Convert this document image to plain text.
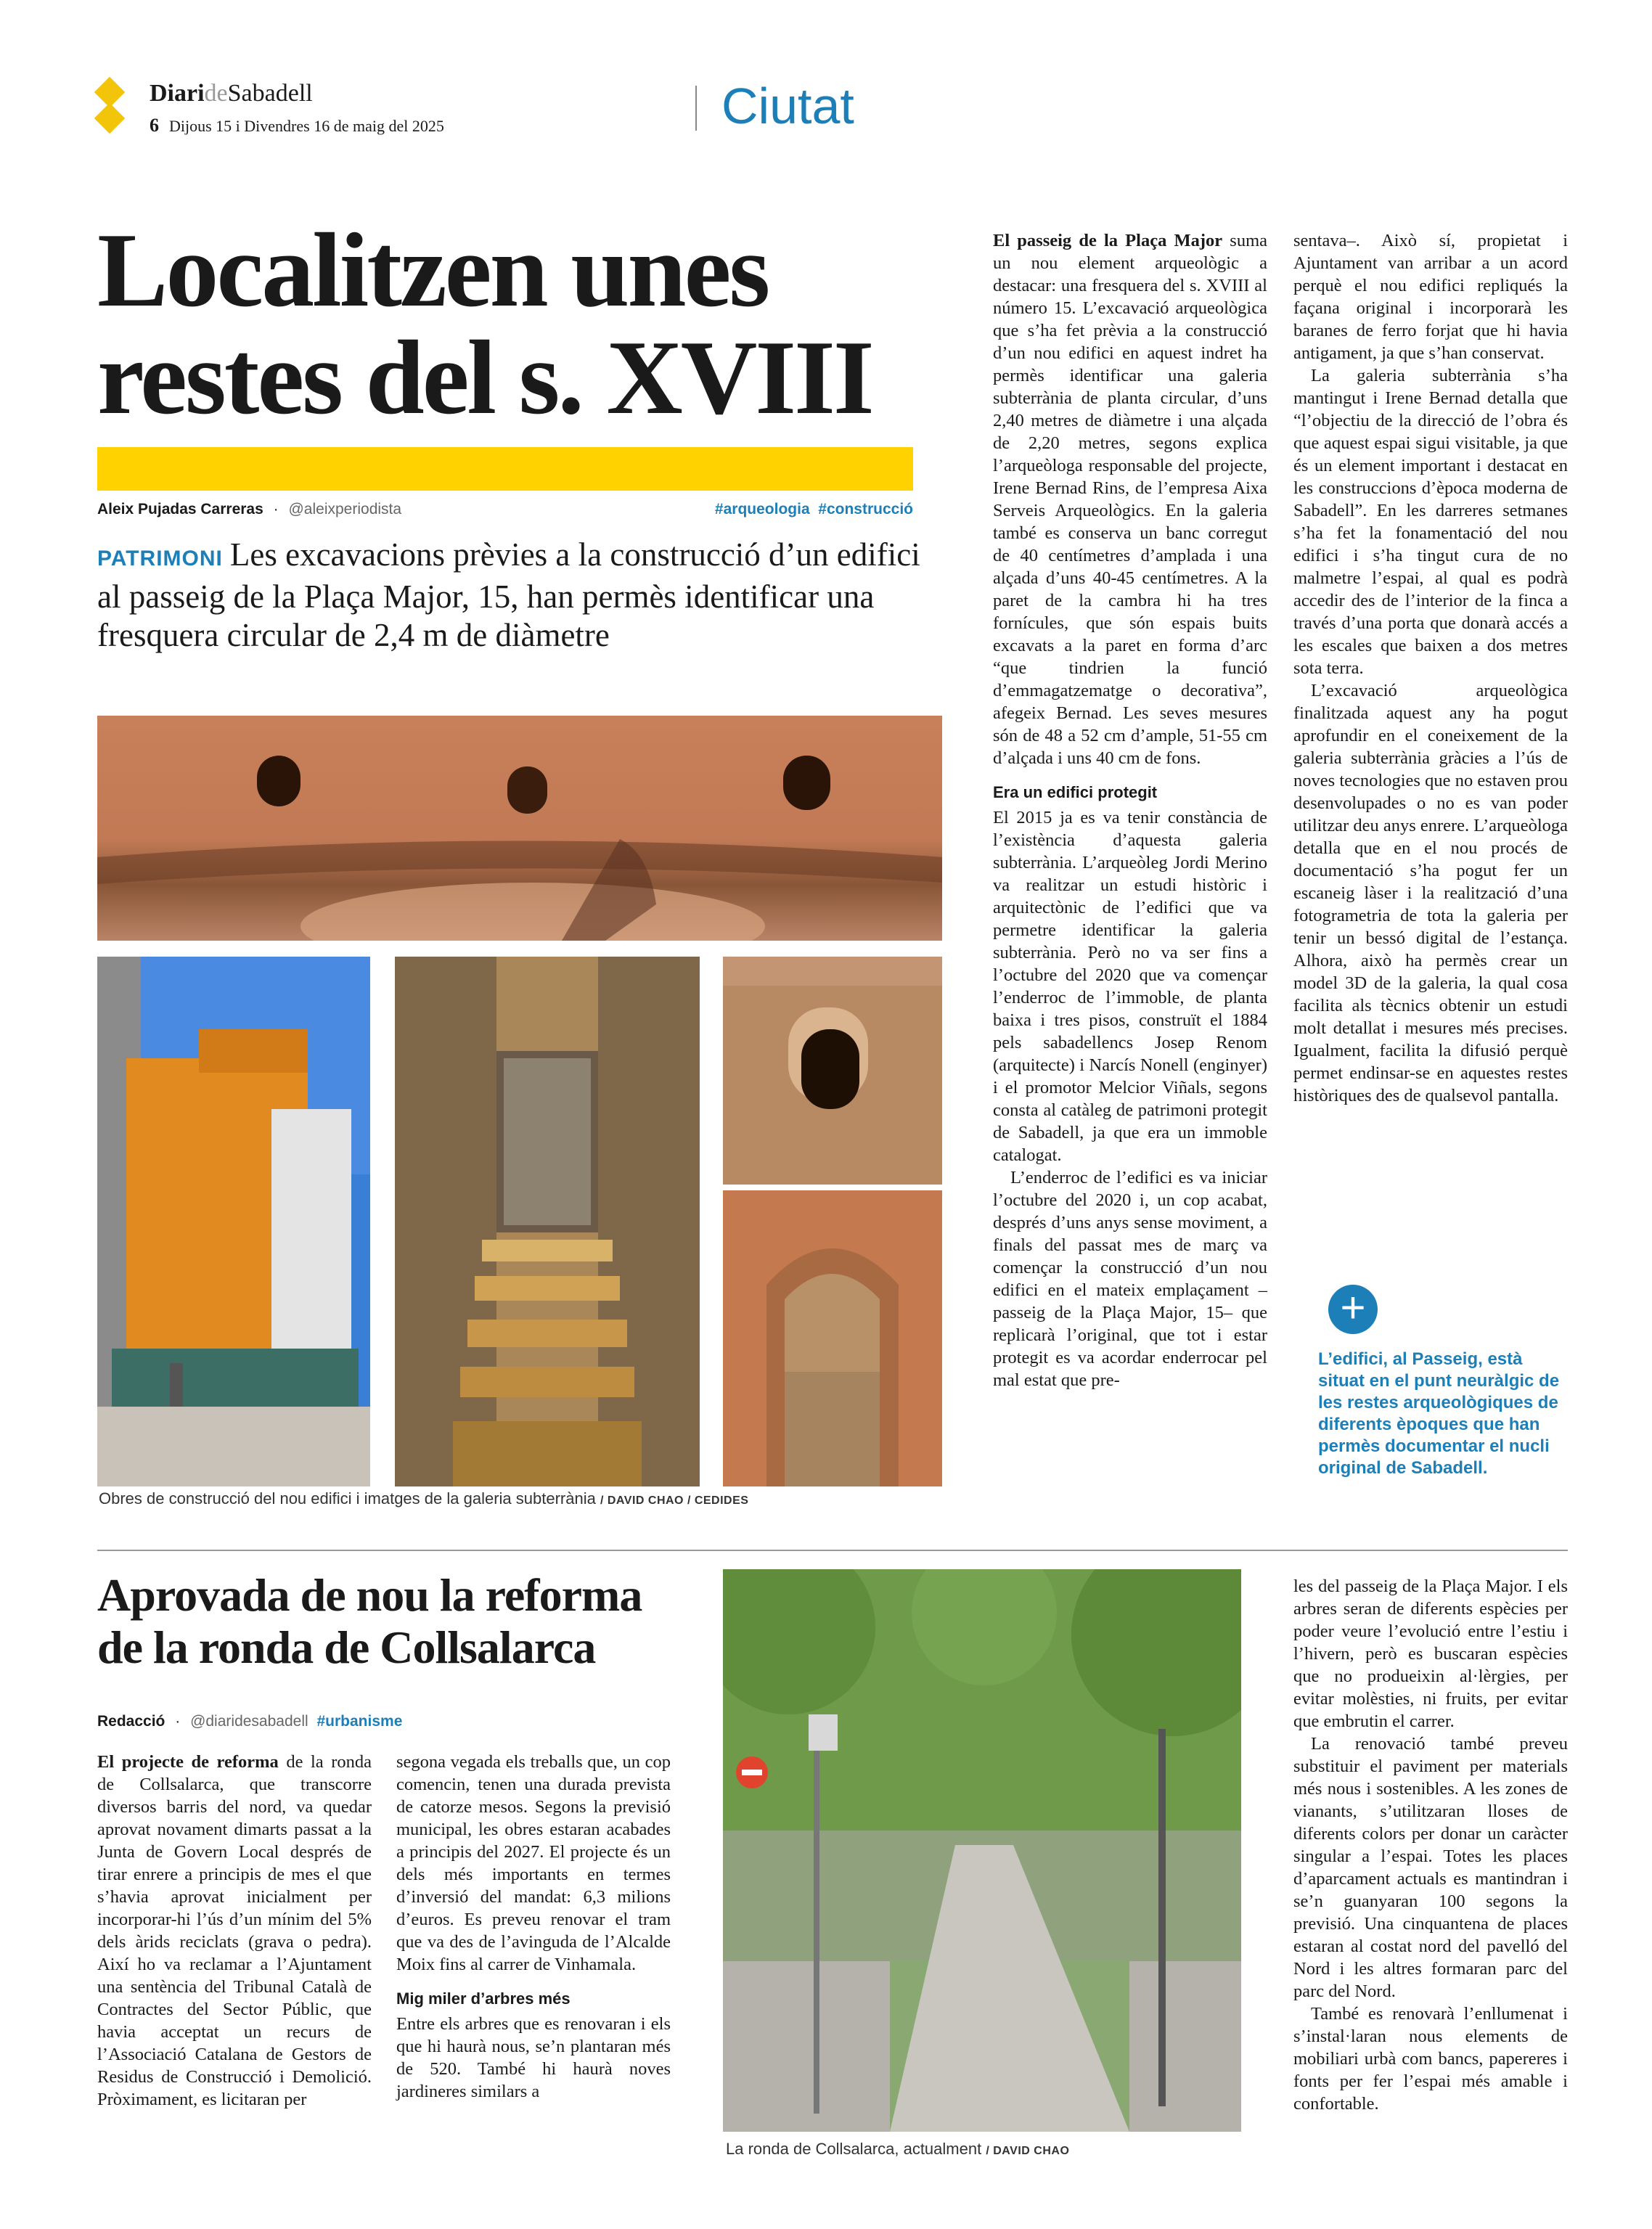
DiarideSabadell
6 Dijous 15 i Divendres 16 de maig del 2025	Ciutat
Localitzen unes
restes del s. XVIII
Aleix Pujadas Carreras · @aleixperiodista	#arqueologia  #construcció
PATRIMONI Les excavacions prèvies a la construcció d’un edifici al passeig de la Plaça Major, 15, han permès identificar una fresquera circular de 2,4 m de diàmetre
Obres de construcció del nou edifici i imatges de la galeria subterrània / DAVID CHAO / CEDIDES

El passeig de la Plaça Major suma un nou element arqueològic a destacar: una fresquera del s. XVIII al número 15. L’excavació arqueològica que s’ha fet prèvia a la construcció d’un nou edifici en aquest indret ha permès identificar una galeria subterrània de planta circular, d’uns 2,40 metres de diàmetre i una alçada de 2,20 metres, segons explica l’arqueòloga responsable del projecte, Irene Bernad Rins, de l’empresa Aixa Serveis Arqueològics. En la galeria també es conserva un banc corregut de 40 centímetres d’amplada i una alçada d’uns 40-45 centímetres. A la paret de la cambra hi ha tres fornícules, que són espais buits excavats a la paret en forma d’arc “que tindrien la funció d’emmagatzematge o decorativa”, afegeix Bernad. Les seves mesures són de 48 a 52 cm d’ample, 51-55 cm d’alçada i uns 40 cm de fons.

Era un edifici protegit

El 2015 ja es va tenir constància de l’existència d’aquesta galeria subterrània. L’arqueòleg Jordi Merino va realitzar un estudi històric i arquitectònic de l’edifici que va permetre identificar la galeria subterrània. Però no va ser fins a l’octubre del 2020 que va començar l’enderroc de l’immoble, de planta baixa i tres pisos, construït el 1884 pels sabadellencs Josep Renom (arquitecte) i Narcís Nonell (enginyer) i el promotor Melcior Viñals, segons consta al catàleg de patrimoni protegit de Sabadell, ja que era un immoble catalogat.

L’enderroc de l’edifici es va iniciar l’octubre del 2020 i, un cop acabat, després d’uns anys sense moviment, a finals del passat mes de març va començar la construcció d’un nou edifici en el mateix emplaçament –passeig de la Plaça Major, 15– que replicarà l’original, que tot i estar protegit es va acordar enderrocar pel mal estat que pre-

sentava–. Això sí, propietat i Ajuntament van arribar a un acord perquè el nou edifici repliqués la façana original i incorporarà les baranes de ferro forjat que hi havia antigament, ja que s’han conservat.

La galeria subterrània s’ha mantingut i Irene Bernad detalla que “l’objectiu de la direcció de l’obra és que aquest espai sigui visitable, ja que és un element important i destacat en les construccions d’època moderna de Sabadell”. En les darreres setmanes s’ha fet la fonamentació del nou edifici i s’ha tingut cura de no malmetre l’espai, al qual es podrà accedir des de l’interior de la finca a través d’una porta que donarà accés a les escales que baixen a dos metres sota terra.

L’excavació arqueològica finalitzada aquest any ha pogut aprofundir en el coneixement de la galeria subterrània gràcies a l’ús de noves tecnologies que no estaven prou desenvolupades o no es van poder utilitzar deu anys enrere. L’arqueòloga detalla que en el nou procés de documentació s’ha pogut fer un escaneig làser i la realització d’una fotogrametria de tota la galeria per tenir un bessó digital de l’estança. Alhora, això ha permès crear un model 3D de la galeria, la qual cosa facilita als tècnics obtenir un estudi molt detallat i mesures més precises. Igualment, facilita la difusió perquè permet endinsar-se en aquestes restes històriques des de qualsevol pantalla.

+
L’edifici, al Passeig, està situat en el punt neuràlgic de les restes arqueològiques de diferents èpoques que han permès documentar el nucli original de Sabadell.
Aprovada de nou la reforma
de la ronda de Collsalarca
Redacció · @diaridesabadell #urbanisme

El projecte de reforma de la ronda de Collsalarca, que transcorre diversos barris del nord, va quedar aprovat novament dimarts passat a la Junta de Govern Local després de tirar enrere a principis de mes el que s’havia aprovat inicialment per incorporar-hi l’ús d’un mínim del 5% dels àrids reciclats (grava o pedra). Així ho va reclamar a l’Ajuntament una sentència del Tribunal Català de Contractes del Sector Públic, que havia acceptat un recurs de l’Associació Catalana de Gestors de Residus de Construcció i Demolició. Pròximament, es licitaran per

segona vegada els treballs que, un cop comencin, tenen una durada prevista de catorze mesos. Segons la previsió municipal, les obres estaran acabades a principis del 2027. El projecte és un dels més importants en termes d’inversió del mandat: 6,3 milions d’euros. Es preveu renovar el tram que va des de l’avinguda de l’Alcalde Moix fins al carrer de Vinhamala.

Mig miler d’arbres més

Entre els arbres que es renovaran i els que hi haurà nous, se’n plantaran més de 520. També hi haurà noves jardineres similars a

La ronda de Collsalarca, actualment / DAVID CHAO

les del passeig de la Plaça Major. I els arbres seran de diferents espècies per poder veure l’evolució entre l’estiu i l’hivern, però es buscaran espècies que no produeixin al·lèrgies, per evitar molèsties, ni fruits, per evitar que embrutin el carrer.

La renovació també preveu substituir el paviment per materials més nous i sostenibles. A les zones de vianants, s’utilitzaran lloses de diferents colors per donar un caràcter singular a l’espai. Totes les places d’aparcament actuals es mantindran i se’n guanyaran 100 segons la previsió. Una cinquantena de places estaran al costat nord del pavelló del Nord i les altres formaran parc del parc del Nord.

També es renovarà l’enllumenat i s’instal·laran nous elements de mobiliari urbà com bancs, papereres i fonts per fer l’espai més amable i confortable.
